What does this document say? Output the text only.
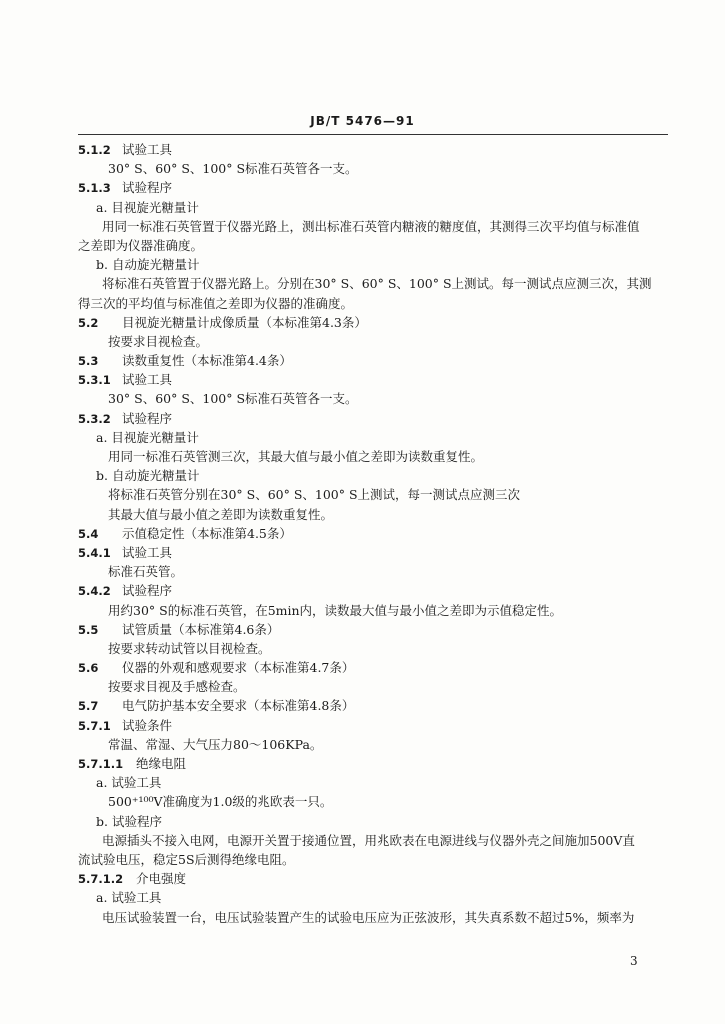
JB/T 5476—91
5.1.2 试验工具
30° S、60° S、100° S标准石英管各一支。
5.1.3 试验程序
a. 目视旋光糖量计
用同一标准石英管置于仪器光路上，测出标准石英管内糖液的糖度值，其测得三次平均值与标准值
之差即为仪器准确度。
b. 自动旋光糖量计
将标准石英管置于仪器光路上。分别在30° S、60° S、100° S上测试。每一测试点应测三次，其测
得三次的平均值与标准值之差即为仪器的准确度。
5.2 目视旋光糖量计成像质量（本标准第4.3条）
按要求目视检查。
5.3 读数重复性（本标准第4.4条）
5.3.1 试验工具
30° S、60° S、100° S标准石英管各一支。
5.3.2 试验程序
a. 目视旋光糖量计
用同一标准石英管测三次，其最大值与最小值之差即为读数重复性。
b. 自动旋光糖量计
将标准石英管分别在30° S、60° S、100° S上测试，每一测试点应测三次
其最大值与最小值之差即为读数重复性。
5.4 示值稳定性（本标准第4.5条）
5.4.1 试验工具
标准石英管。
5.4.2 试验程序
用约30° S的标准石英管，在5min内，读数最大值与最小值之差即为示值稳定性。
5.5 试管质量（本标准第4.6条）
按要求转动试管以目视检查。
5.6 仪器的外观和感观要求（本标准第4.7条）
按要求目视及手感检查。
5.7 电气防护基本安全要求（本标准第4.8条）
5.7.1 试验条件
常温、常湿、大气压力80～106KPa。
5.7.1.1 绝缘电阻
a. 试验工具
500⁺¹⁰⁰V准确度为1.0级的兆欧表一只。
b. 试验程序
电源插头不接入电网，电源开关置于接通位置，用兆欧表在电源进线与仪器外壳之间施加500V直
流试验电压，稳定5S后测得绝缘电阻。
5.7.1.2 介电强度
a. 试验工具
电压试验装置一台，电压试验装置产生的试验电压应为正弦波形，其失真系数不超过5%，频率为
3
